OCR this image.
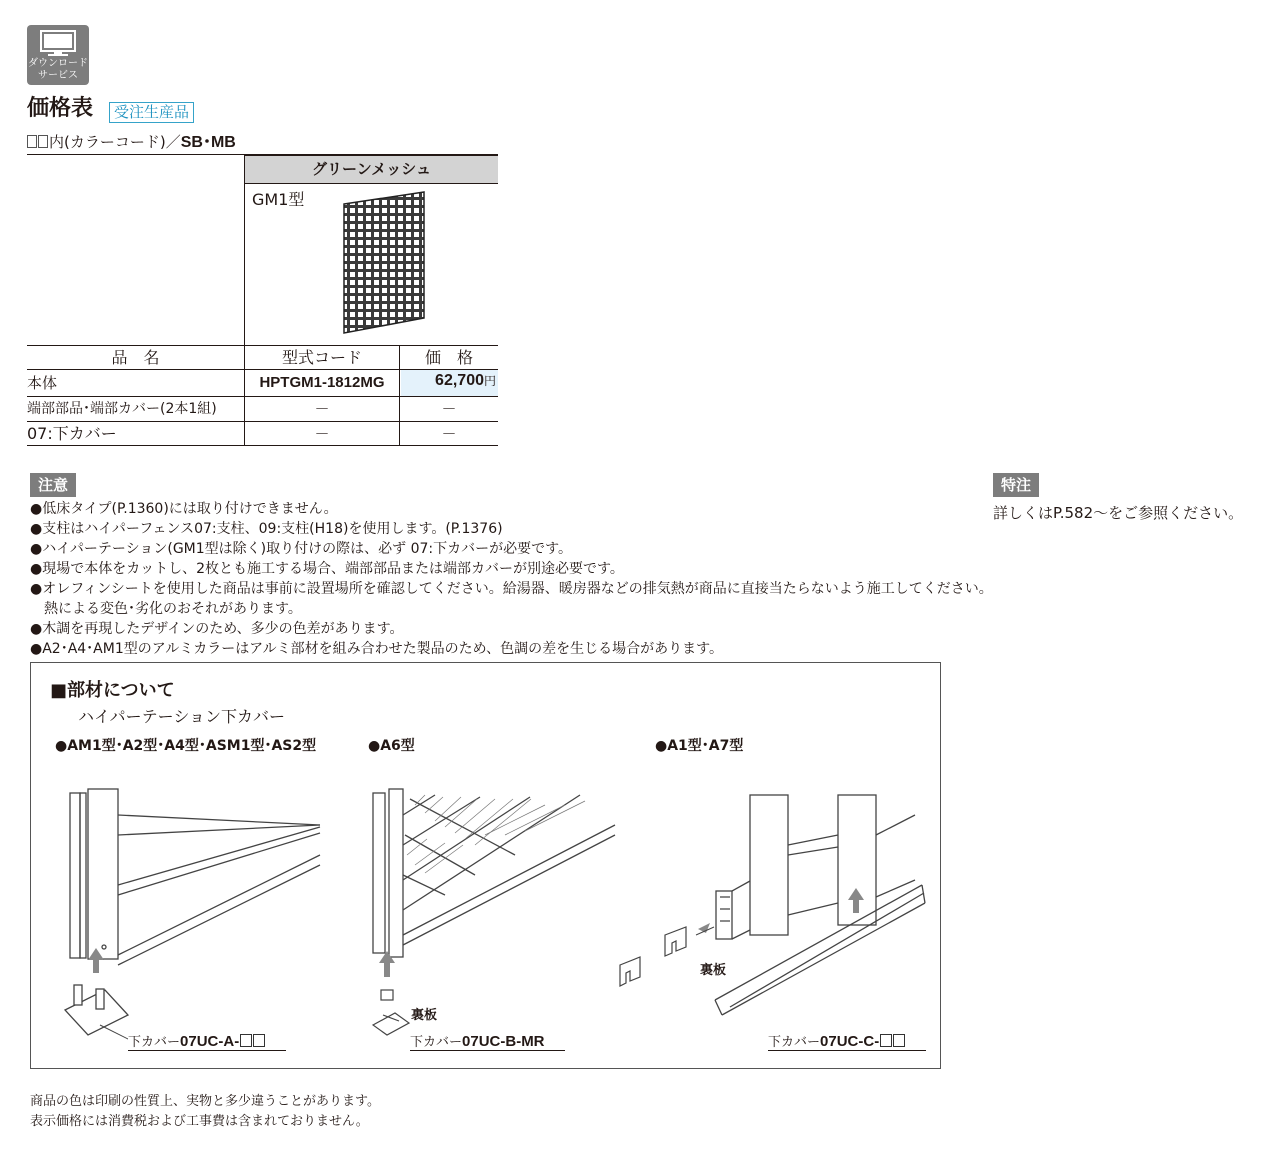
ダウンロード
サービス
価格表	受注生産品
内(カラーコード)／SB･MB
グリーンメッシュ
GM1型
品　名	型式コード	価　格
本体	HPTGM1-1812MG	62,700円
端部部品･端部カバー(2本1組)	－	－
07:下カバー	－	－
注意
●低床タイプ(P.1360)には取り付けできません。
●支柱はハイパーフェンス07:支柱、09:支柱(H18)を使用します。(P.1376)
●ハイパーテーション(GM1型は除く)取り付けの際は、必ず 07:下カバーが必要です。
●現場で本体をカットし、2枚とも施工する場合、端部部品または端部カバーが別途必要です。
●オレフィンシートを使用した商品は事前に設置場所を確認してください。給湯器、暖房器などの排気熱が商品に直接当たらないよう施工してください。
　熱による変色･劣化のおそれがあります。
●木調を再現したデザインのため、多少の色差があります。
●A2･A4･AM1型のアルミカラーはアルミ部材を組み合わせた製品のため、色調の差を生じる場合があります。
特注
詳しくはP.582〜をご参照ください。
■部材について
ハイパーテーション下カバー
●AM1型･A2型･A4型･ASM1型･AS2型	●A6型	●A1型･A7型
下カバー07UC-A-
裏板
下カバー07UC-B-MR
裏板
下カバー07UC-C-
商品の色は印刷の性質上、実物と多少違うことがあります。
表示価格には消費税および工事費は含まれておりません。
